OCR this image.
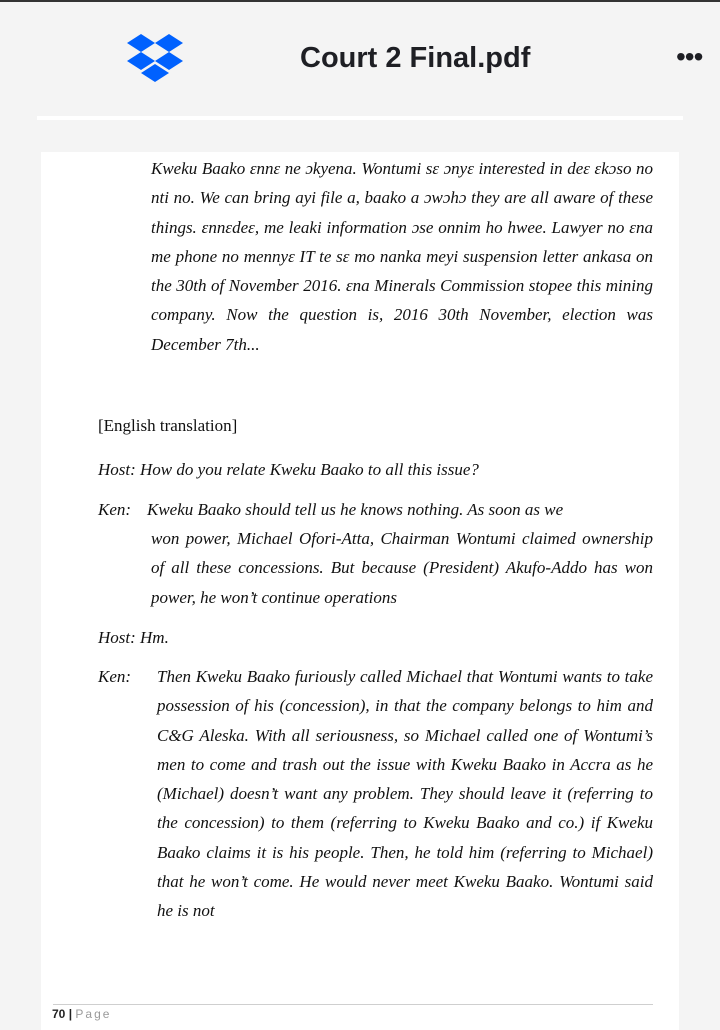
Court 2 Final.pdf	•••
Kweku Baako ɛnnɛ ne ɔkyena. Wontumi sɛ ɔnyɛ interested in deɛ ɛkɔso no nti no. We can bring ayi file a, baako a ɔwɔhɔ they are all aware of these things. ɛnnɛdeɛ, me leaki information ɔse onnim ho hwee. Lawyer no ɛna me phone no mennyɛ IT te sɛ mo nanka meyi suspension letter ankasa on the 30th of November 2016. ɛna Minerals Commission stopee this mining company. Now the question is, 2016 30th November, election was December 7th...
[English translation]
Host: How do you relate Kweku Baako to all this issue?
Ken: Kweku Baako should tell us he knows nothing. As soon as we
won power, Michael Ofori-Atta, Chairman Wontumi claimed ownership of all these concessions. But because (President) Akufo-Addo has won power, he won’t continue operations
Host: Hm.
Ken: Then Kweku Baako furiously called Michael that Wontumi wants to take possession of his (concession), in that the company belongs to him and C&G Aleska. With all seriousness, so Michael called one of Wontumi’s men to come and trash out the issue with Kweku Baako in Accra as he (Michael) doesn’t want any problem. They should leave it (referring to the concession) to them (referring to Kweku Baako and co.) if Kweku Baako claims it is his people. Then, he told him (referring to Michael) that he won’t come. He would never meet Kweku Baako. Wontumi said he is not
70 | Page
